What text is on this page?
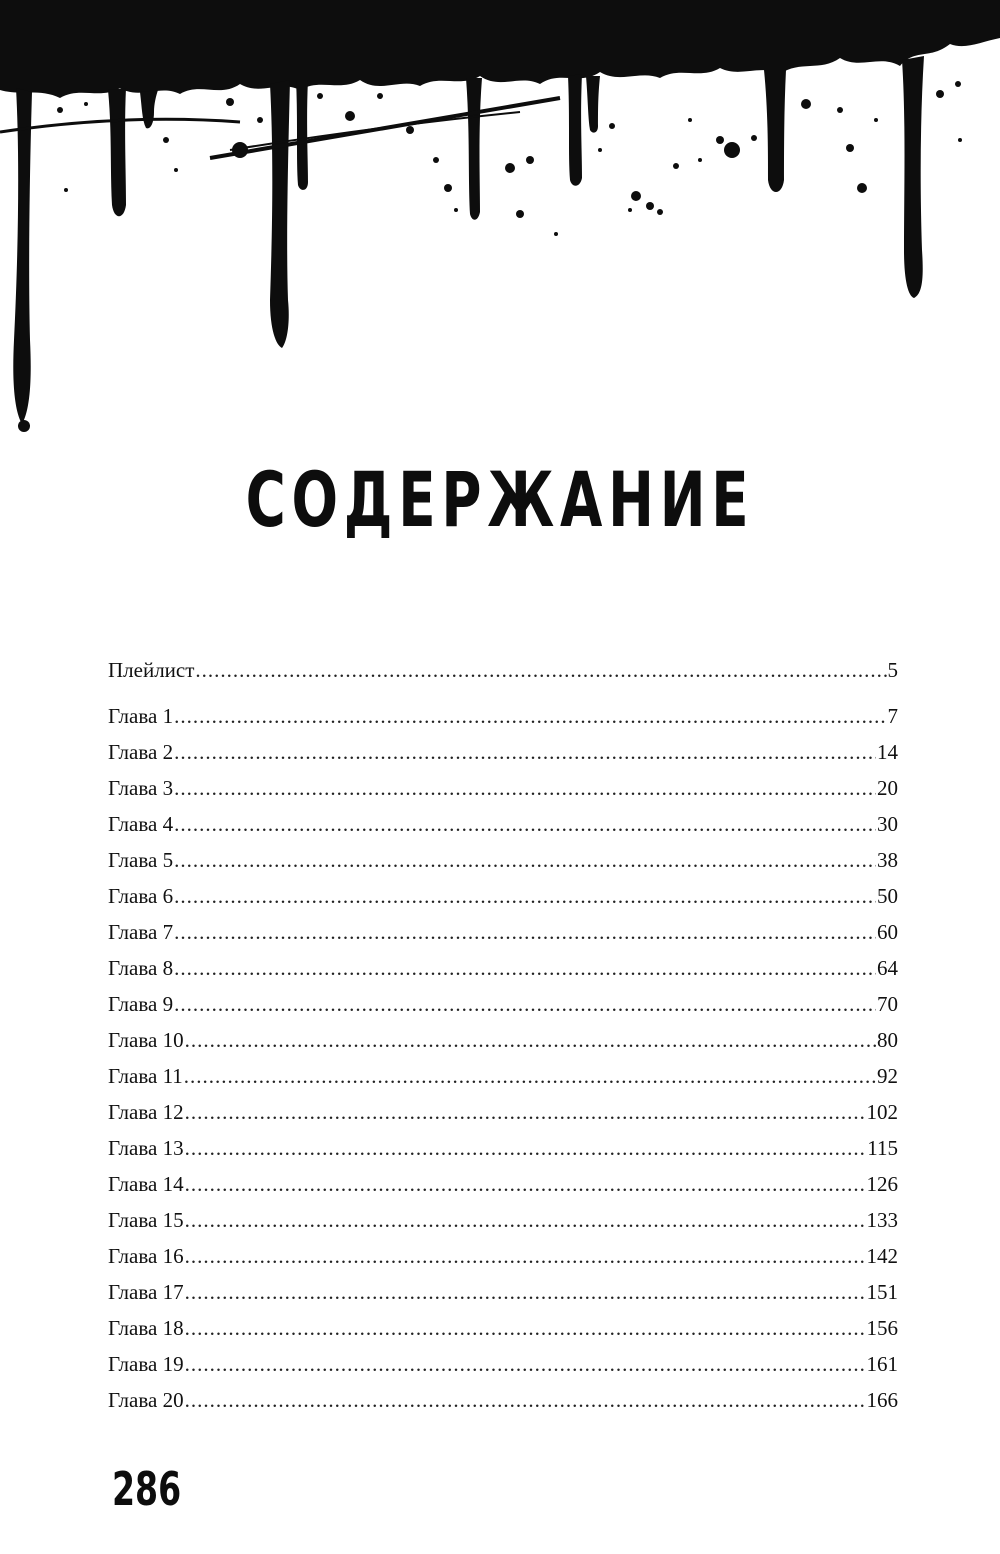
СОДЕРЖАНИЕ
Плейлист .....	5
Глава 1 .....	7
Глава 2 .....	14
Глава 3 .....	20
Глава 4 .....	30
Глава 5 .....	38
Глава 6 .....	50
Глава 7 .....	60
Глава 8 .....	64
Глава 9 .....	70
Глава 10 .....	80
Глава 11 .....	92
Глава 12 .....	102
Глава 13 .....	115
Глава 14 .....	126
Глава 15 .....	133
Глава 16 .....	142
Глава 17 .....	151
Глава 18 .....	156
Глава 19 .....	161
Глава 20 .....	166
286
